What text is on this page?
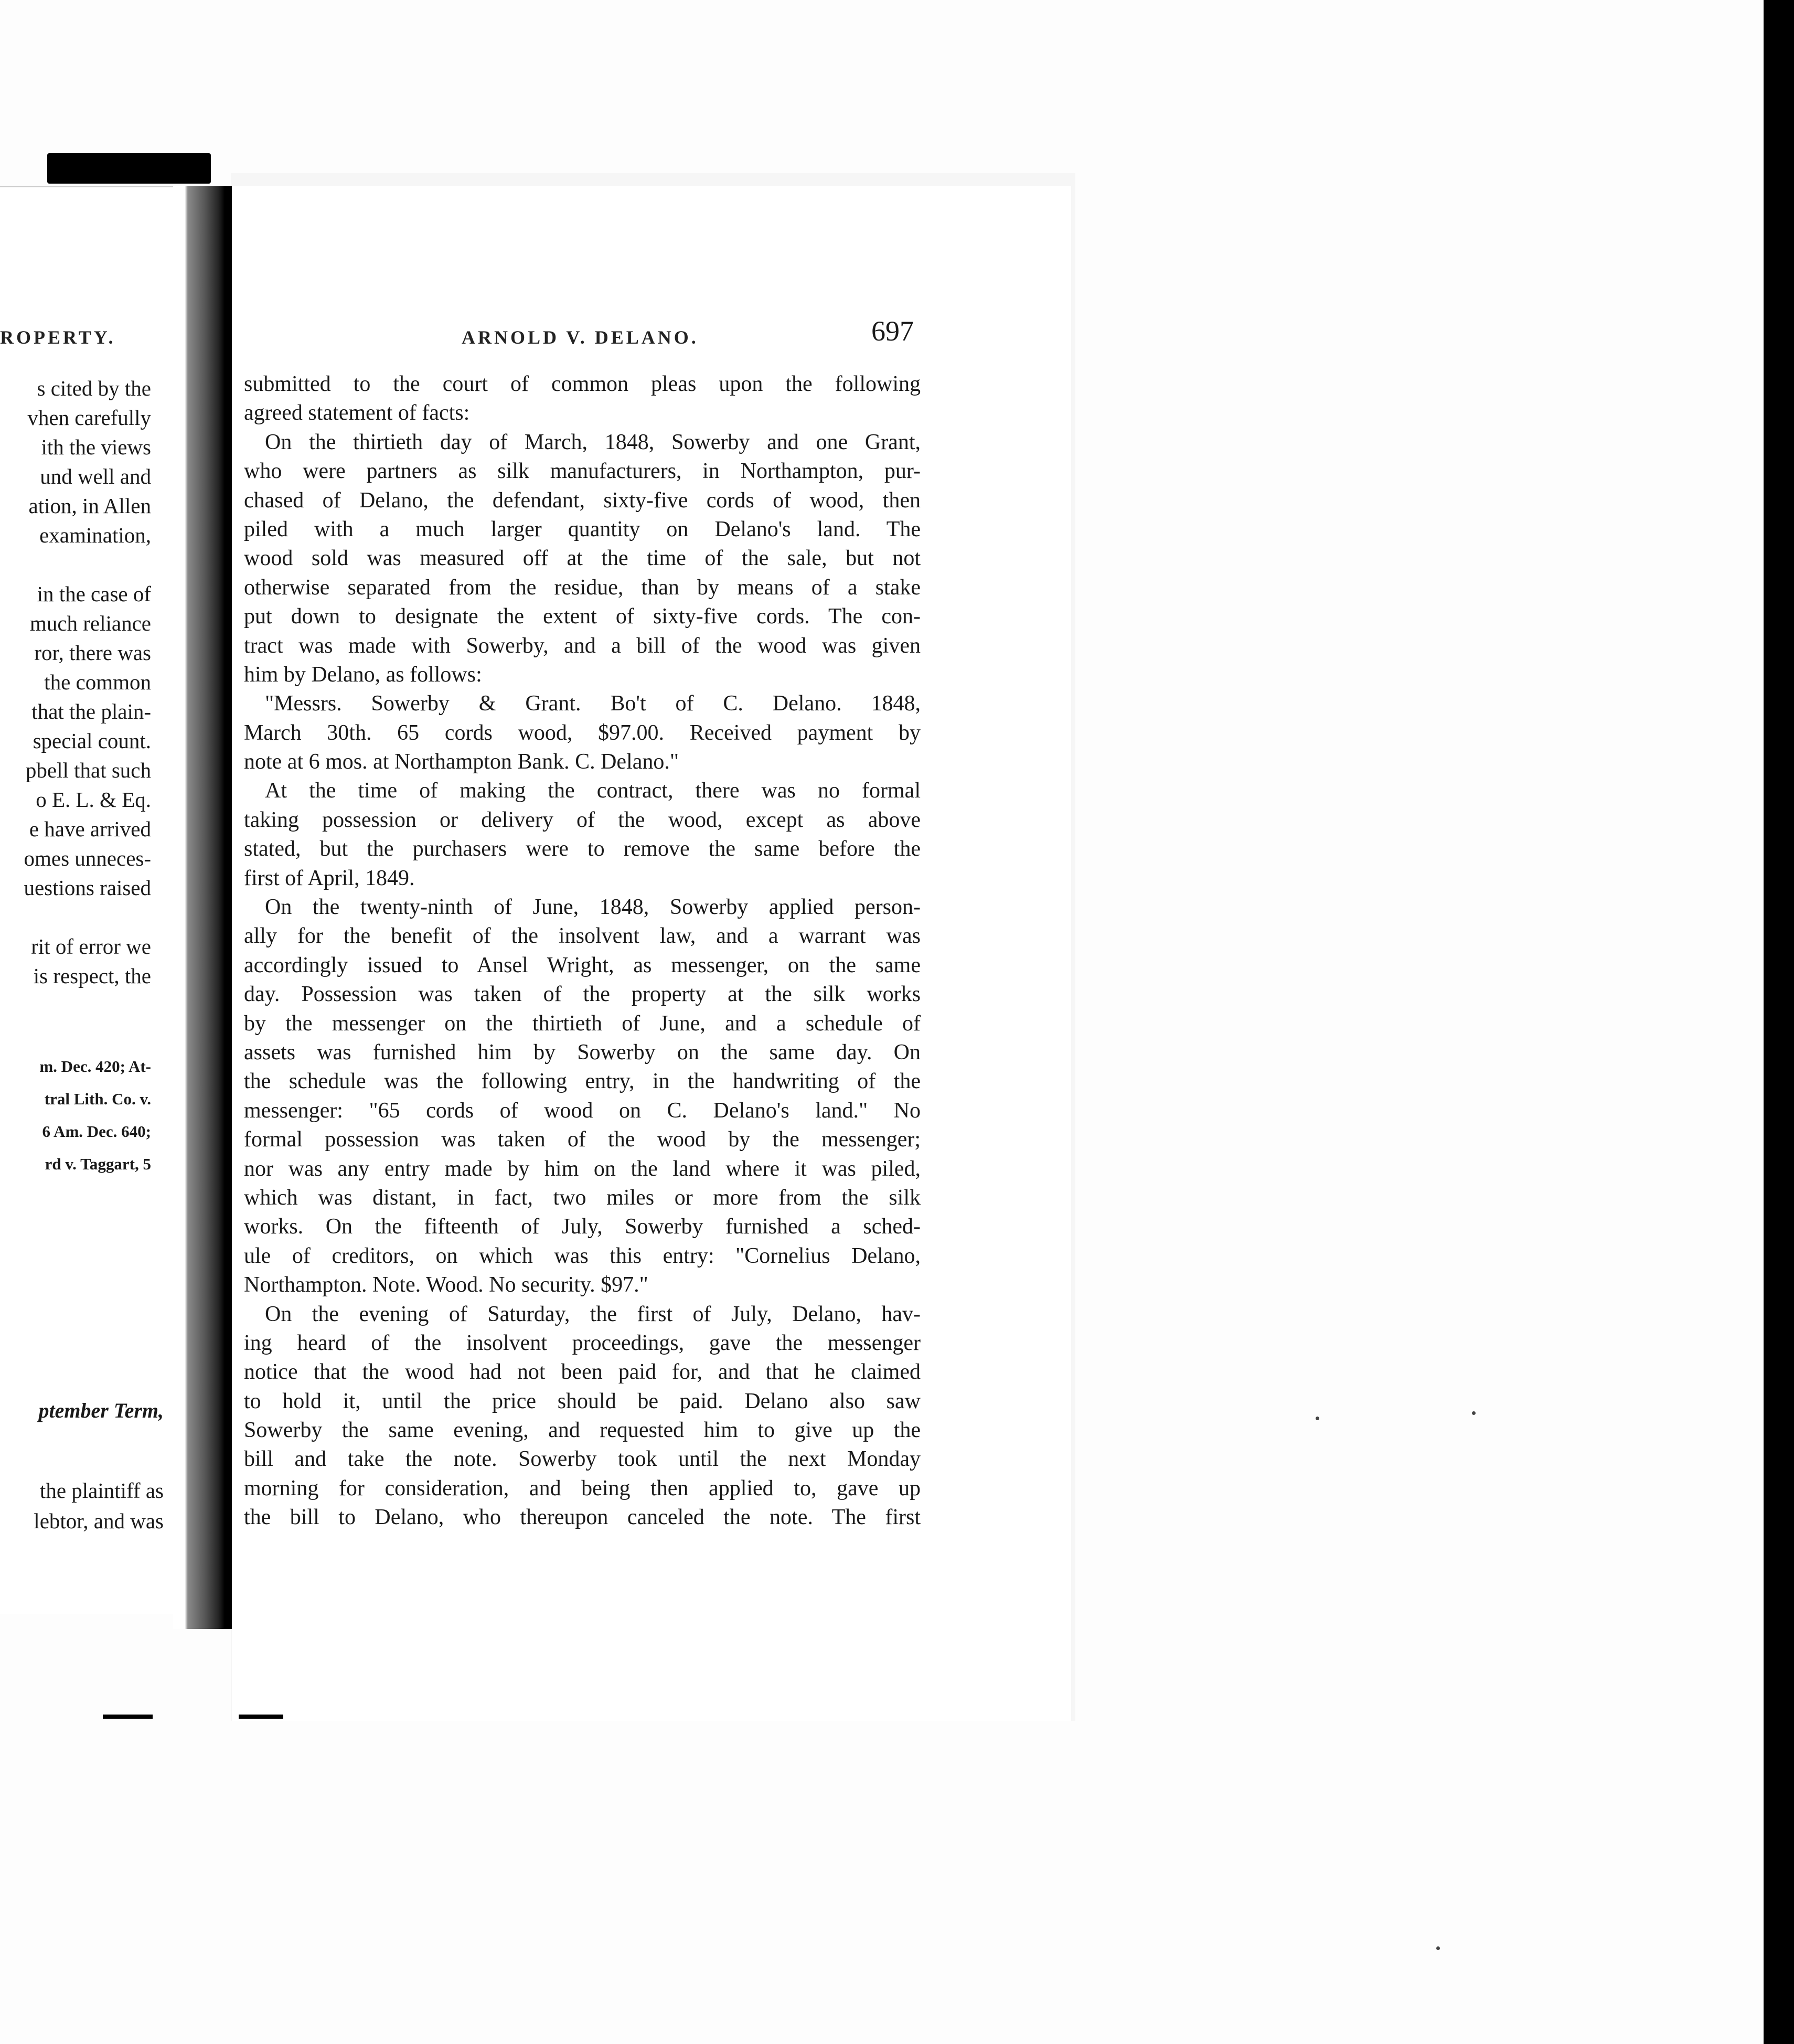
ROPERTY.
s cited by the
vhen carefully
ith the views
und well and
ation, in Allen
examination,
in the case of
much reliance
ror, there was
the common
that the plain-
special count.
pbell that such
o E. L. & Eq.
e have arrived
omes unneces-
uestions raised
rit of error we
is respect, the
m. Dec. 420; At-
tral Lith. Co. v.
6 Am. Dec. 640;
rd v. Taggart, 5
ptember Term,
the plaintiff as
lebtor, and was
ARNOLD V. DELANO.	697
submitted to the court of common pleas upon the following
agreed statement of facts:
On the thirtieth day of March, 1848, Sowerby and one Grant,
who were partners as silk manufacturers, in Northampton, pur-
chased of Delano, the defendant, sixty-five cords of wood, then
piled with a much larger quantity on Delano's land. The
wood sold was measured off at the time of the sale, but not
otherwise separated from the residue, than by means of a stake
put down to designate the extent of sixty-five cords. The con-
tract was made with Sowerby, and a bill of the wood was given
him by Delano, as follows:
"Messrs. Sowerby & Grant. Bo't of C. Delano. 1848,
March 30th. 65 cords wood, $97.00. Received payment by
note at 6 mos. at Northampton Bank. C. Delano."
At the time of making the contract, there was no formal
taking possession or delivery of the wood, except as above
stated, but the purchasers were to remove the same before the
first of April, 1849.
On the twenty-ninth of June, 1848, Sowerby applied person-
ally for the benefit of the insolvent law, and a warrant was
accordingly issued to Ansel Wright, as messenger, on the same
day. Possession was taken of the property at the silk works
by the messenger on the thirtieth of June, and a schedule of
assets was furnished him by Sowerby on the same day. On
the schedule was the following entry, in the handwriting of the
messenger: "65 cords of wood on C. Delano's land." No
formal possession was taken of the wood by the messenger;
nor was any entry made by him on the land where it was piled,
which was distant, in fact, two miles or more from the silk
works. On the fifteenth of July, Sowerby furnished a sched-
ule of creditors, on which was this entry: "Cornelius Delano,
Northampton. Note. Wood. No security. $97."
On the evening of Saturday, the first of July, Delano, hav-
ing heard of the insolvent proceedings, gave the messenger
notice that the wood had not been paid for, and that he claimed
to hold it, until the price should be paid. Delano also saw
Sowerby the same evening, and requested him to give up the
bill and take the note. Sowerby took until the next Monday
morning for consideration, and being then applied to, gave up
the bill to Delano, who thereupon canceled the note. The first
